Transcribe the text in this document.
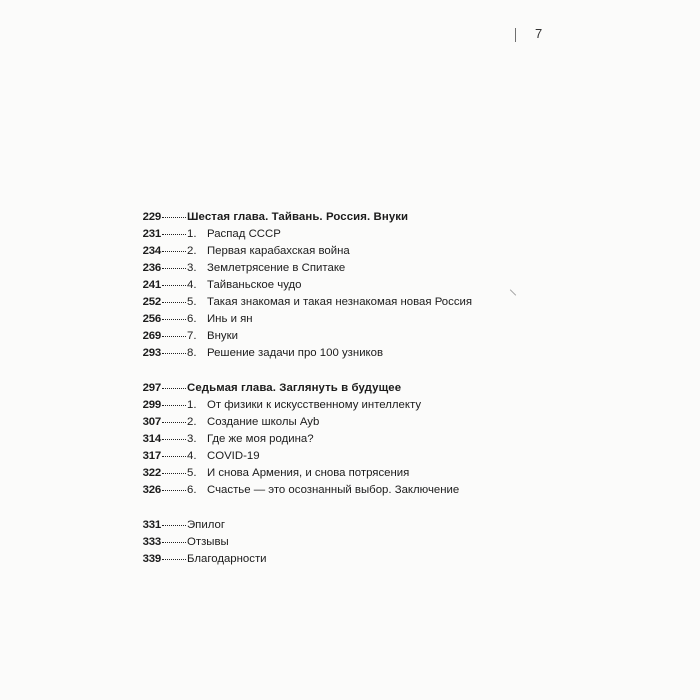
7
229 Шестая глава. Тайвань. Россия. Внуки
231 1. Распад СССР
234 2. Первая карабахская война
236 3. Землетрясение в Спитаке
241 4. Тайваньское чудо
252 5. Такая знакомая и такая незнакомая новая Россия
256 6. Инь и ян
269 7. Внуки
293 8. Решение задачи про 100 узников
297 Седьмая глава. Заглянуть в будущее
299 1. От физики к искусственному интеллекту
307 2. Создание школы Ayb
314 3. Где же моя родина?
317 4. COVID-19
322 5. И снова Армения, и снова потрясения
326 6. Счастье — это осознанный выбор. Заключение
331 Эпилог
333 Отзывы
339 Благодарности
